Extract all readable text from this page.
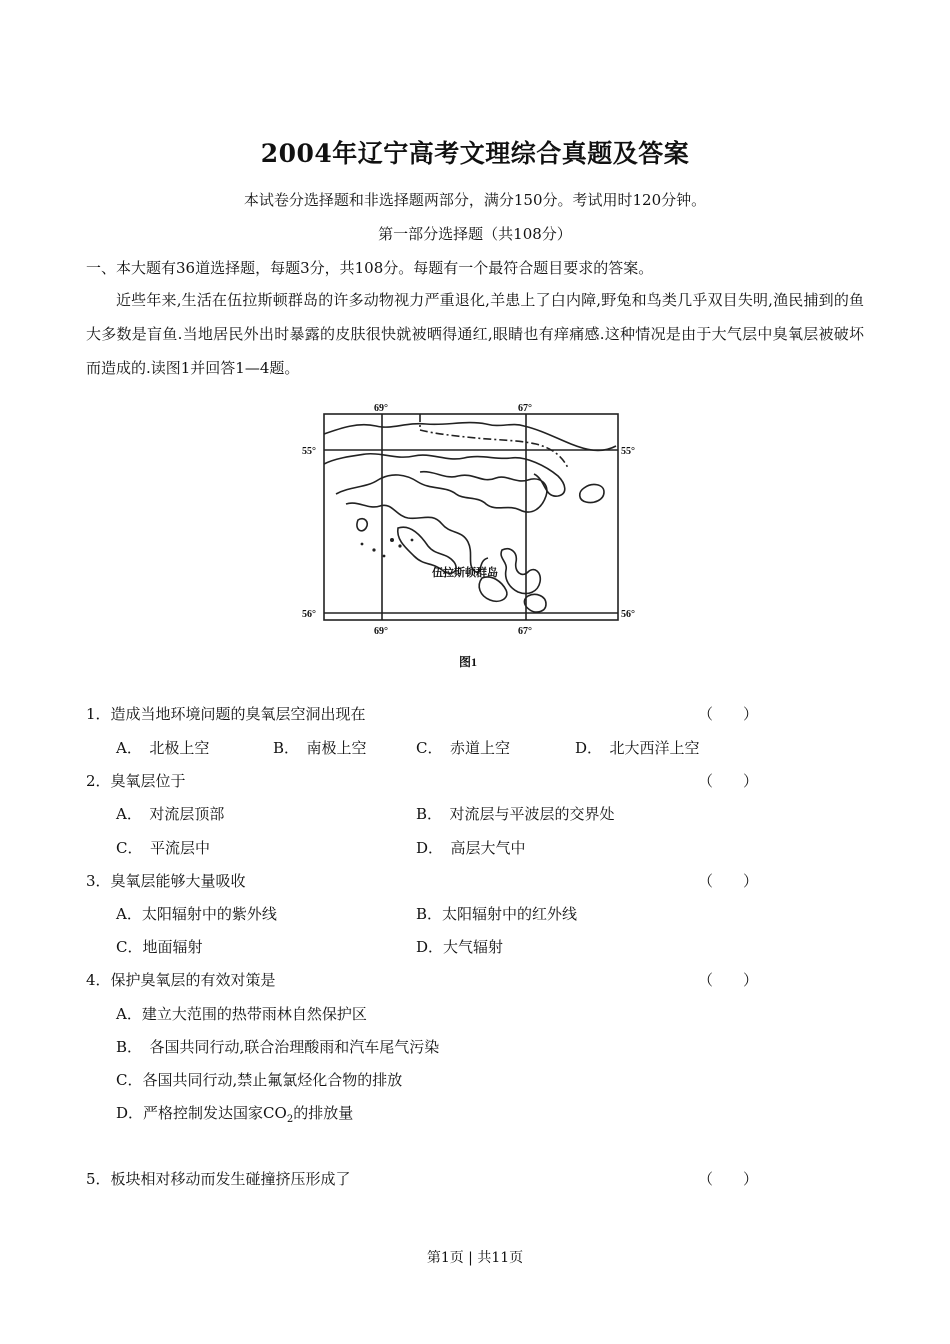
2004年辽宁高考文理综合真题及答案
本试卷分选择题和非选择题两部分，满分150分。考试用时120分钟。
第一部分选择题（共108分）
一、本大题有36道选择题，每题3分，共108分。每题有一个最符合题目要求的答案。
近些年来,生活在伍拉斯顿群岛的许多动物视力严重退化,羊患上了白内障,野兔和鸟类几乎双目失明,渔民捕到的鱼大多数是盲鱼.当地居民外出时暴露的皮肤很快就被晒得通红,眼睛也有痒痛感.这种情况是由于大气层中臭氧层被破坏而造成的.读图1并回答1—4题。
69°	67°
69°	67°
55°	55°
56°	56°
伍拉斯顿群岛
图1
1．造成当地环境问题的臭氧层空洞出现在	（　　）
A．　北极上空	B．　南极上空	C．　赤道上空	D．　北大西洋上空
2．臭氧层位于	（　　）
A．　对流层顶部	B．　对流层与平波层的交界处
C．　平流层中	D．　高层大气中
3．臭氧层能够大量吸收	（　　）
A．太阳辐射中的紫外线	B．太阳辐射中的红外线
C．地面辐射	D．大气辐射
4．保护臭氧层的有效对策是	（　　）
A．建立大范围的热带雨林自然保护区
B．　各国共同行动,联合治理酸雨和汽车尾气污染
C．各国共同行动,禁止氟氯烃化合物的排放
D．严格控制发达国家$CO_2$的排放量
5．板块相对移动而发生碰撞挤压形成了	（　　）
第1页 | 共11页
